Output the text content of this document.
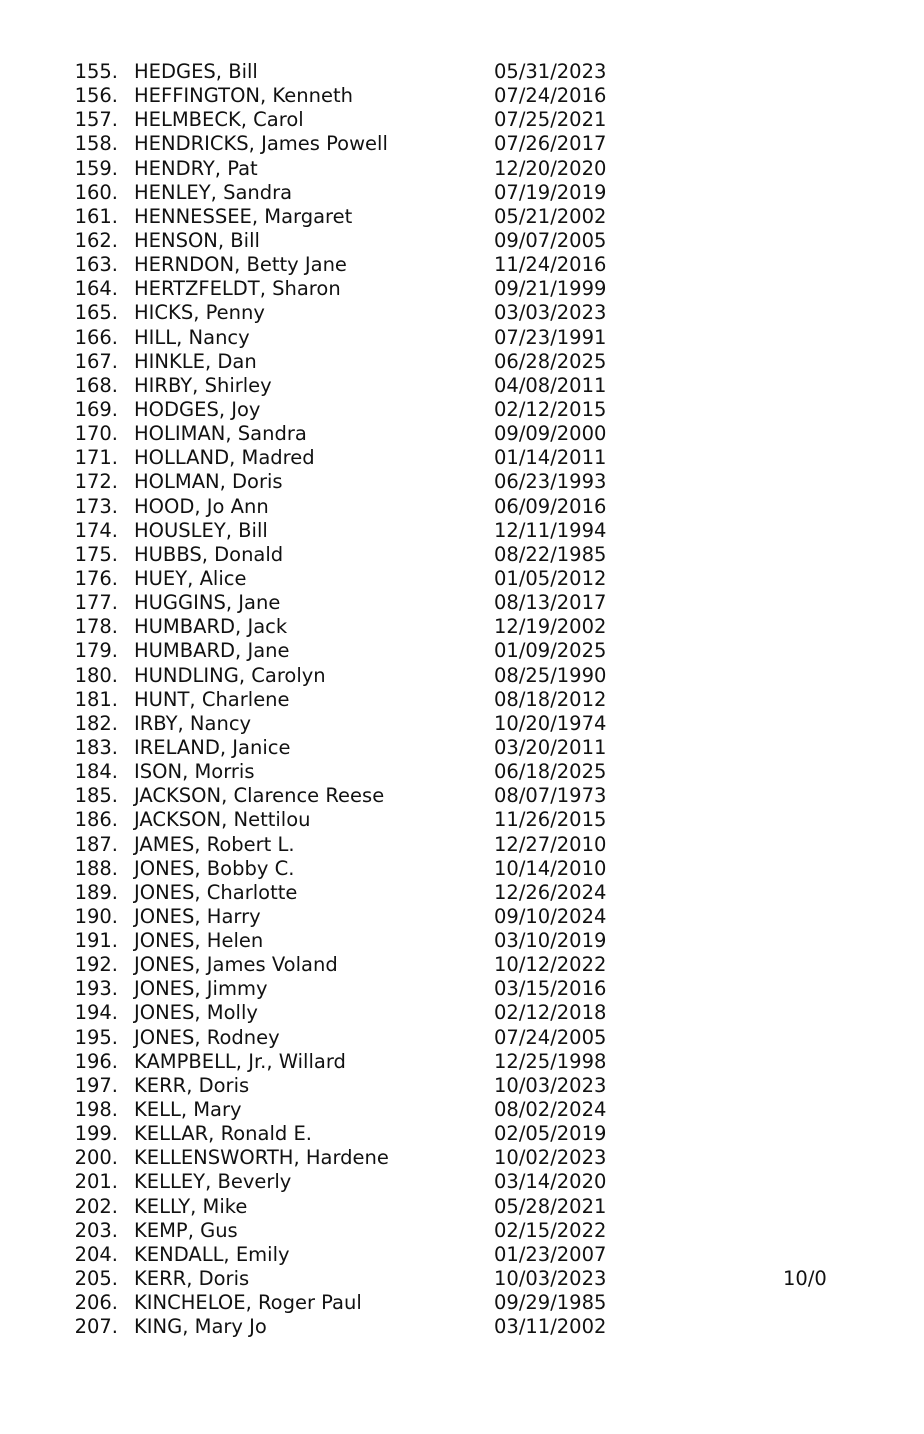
155. HEDGES, Bill	05/31/2023
156. HEFFINGTON, Kenneth	07/24/2016
157. HELMBECK, Carol	07/25/2021
158. HENDRICKS, James Powell	07/26/2017
159. HENDRY, Pat	12/20/2020
160. HENLEY, Sandra	07/19/2019
161. HENNESSEE, Margaret	05/21/2002
162. HENSON, Bill	09/07/2005
163. HERNDON, Betty Jane	11/24/2016
164. HERTZFELDT, Sharon	09/21/1999
165. HICKS, Penny	03/03/2023
166. HILL, Nancy	07/23/1991
167. HINKLE, Dan	06/28/2025
168. HIRBY, Shirley	04/08/2011
169. HODGES, Joy	02/12/2015
170. HOLIMAN, Sandra	09/09/2000
171. HOLLAND, Madred	01/14/2011
172. HOLMAN, Doris	06/23/1993
173. HOOD, Jo Ann	06/09/2016
174. HOUSLEY, Bill	12/11/1994
175. HUBBS, Donald	08/22/1985
176. HUEY, Alice	01/05/2012
177. HUGGINS, Jane	08/13/2017
178. HUMBARD, Jack	12/19/2002
179. HUMBARD, Jane	01/09/2025
180. HUNDLING, Carolyn	08/25/1990
181. HUNT, Charlene	08/18/2012
182. IRBY, Nancy	10/20/1974
183. IRELAND, Janice	03/20/2011
184. ISON, Morris	06/18/2025
185. JACKSON, Clarence Reese	08/07/1973
186. JACKSON, Nettilou	11/26/2015
187. JAMES, Robert L.	12/27/2010
188. JONES, Bobby C.	10/14/2010
189. JONES, Charlotte	12/26/2024
190. JONES, Harry	09/10/2024
191. JONES, Helen	03/10/2019
192. JONES, James Voland	10/12/2022
193. JONES, Jimmy	03/15/2016
194. JONES, Molly	02/12/2018
195. JONES, Rodney	07/24/2005
196. KAMPBELL, Jr., Willard	12/25/1998
197. KERR, Doris	10/03/2023
198. KELL, Mary	08/02/2024
199. KELLAR, Ronald E.	02/05/2019
200. KELLENSWORTH, Hardene	10/02/2023
201. KELLEY, Beverly	03/14/2020
202. KELLY, Mike	05/28/2021
203. KEMP, Gus	02/15/2022
204. KENDALL, Emily	01/23/2007
205. KERR, Doris	10/03/2023	10/0
206. KINCHELOE, Roger Paul	09/29/1985
207. KING, Mary Jo	03/11/2002
